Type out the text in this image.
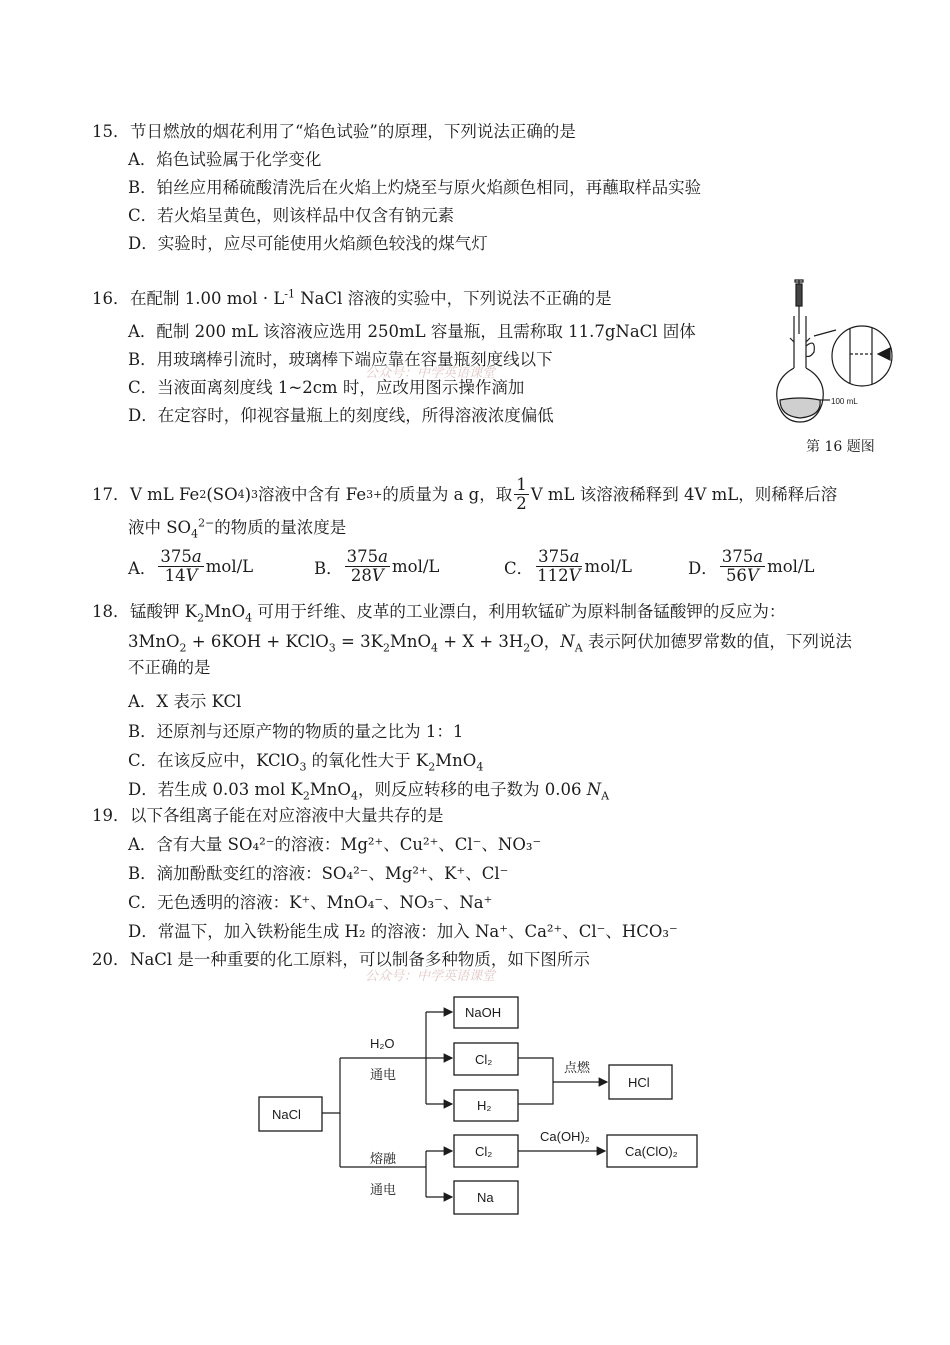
15．节日燃放的烟花利用了“焰色试验”的原理，下列说法正确的是
A．焰色试验属于化学变化
B．铂丝应用稀硫酸清洗后在火焰上灼烧至与原火焰颜色相同，再蘸取样品实验
C．若火焰呈黄色，则该样品中仅含有钠元素
D．实验时，应尽可能使用火焰颜色较浅的煤气灯
16．在配制 1.00 mol · $L^{-1}$ NaCl 溶液的实验中，下列说法不正确的是
A．配制 200 mL 该溶液应选用 250mL 容量瓶，且需称取 11.7gNaCl 固体
B．用玻璃棒引流时，玻璃棒下端应靠在容量瓶刻度线以下
C．当液面离刻度线 1~2cm 时，应改用图示操作滴加
D．在定容时，仰视容量瓶上的刻度线，所得溶液浓度偏低
第 16 题图
100 mL
17． V mL Fe 2 (SO 4 ) 3 溶液中含有 Fe 3+ 的质量为 a g，取 $\frac{1}{2}$ V mL 该溶液稀释到 4V mL，则稀释后溶
液中 $SO_4^{2-}$的物质的量浓度是
A． $\frac{375a}{14V} mol/L$	B． $\frac{375a}{28V} mol/L$	C． $\frac{375a}{112V} mol/L$	D． $\frac{375a}{56V} mol/L$
18．锰酸钾 $K_2MnO_4$ 可用于纤维、皮革的工业漂白，利用软锰矿为原料制备锰酸钾的反应为：
3MnO$_2$ + 6KOH + KClO$_3$ = $3K_2MnO_4 + X + 3H_2O$，$N_A$ 表示阿伏加德罗常数的值，下列说法
不正确的是
A．X 表示 KCl
B．还原剂与还原产物的物质的量之比为 1：1
C．在该反应中，KClO$_3$ 的氧化性大于 $K_2MnO_4$
D．若生成 0.03 mol $K_2MnO_4$，则反应转移的电子数为 0.06 $N_A$
19．以下各组离子能在对应溶液中大量共存的是
A．含有大量 SO₄²⁻的溶液：Mg²⁺、Cu²⁺、Cl⁻、NO₃⁻
B．滴加酚酞变红的溶液：SO₄²⁻、Mg²⁺、K⁺、Cl⁻
C．无色透明的溶液：K⁺、MnO₄⁻、NO₃⁻、Na⁺
D．常温下，加入铁粉能生成 H₂ 的溶液：加入 Na⁺、Ca²⁺、Cl⁻、HCO₃⁻
20．NaCl 是一种重要的化工原料，可以制备多种物质，如下图所示
公众号：中学英语课堂
公众号：中学英语课堂
NaCl
H₂O
通电
熔融
通电
NaOH
Cl₂
H₂
点燃
HCl
Cl₂
Ca(OH)₂
Ca(ClO)₂
Na
